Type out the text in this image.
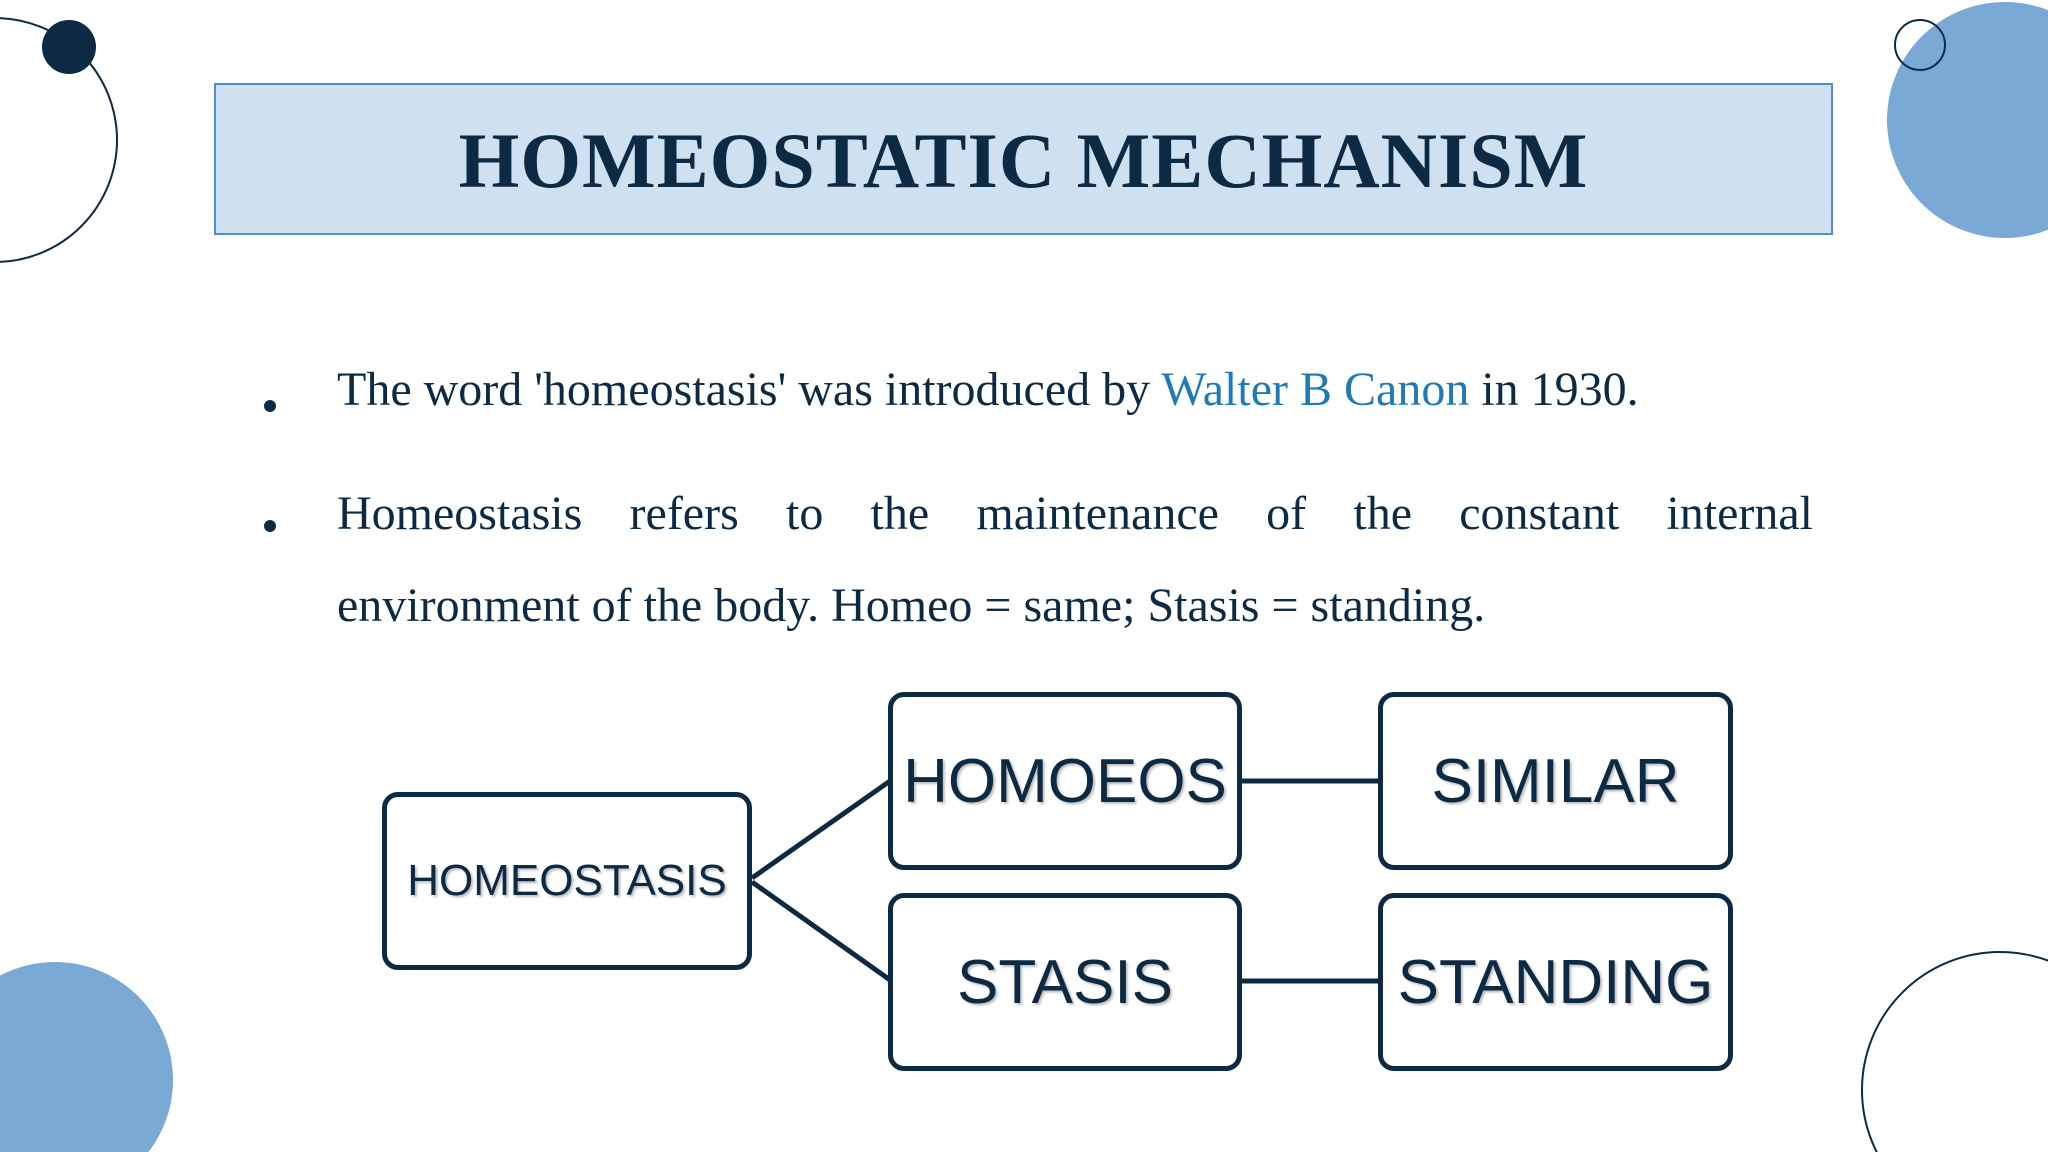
HOMEOSTATIC MECHANISM
The word 'homeostasis' was introduced by Walter B Canon in 1930.
Homeostasis refers to the maintenance of the constant internal
environment of the body. Homeo = same; Stasis = standing.
HOMEOSTASIS
HOMOEOS	SIMILAR
STASIS	STANDING
